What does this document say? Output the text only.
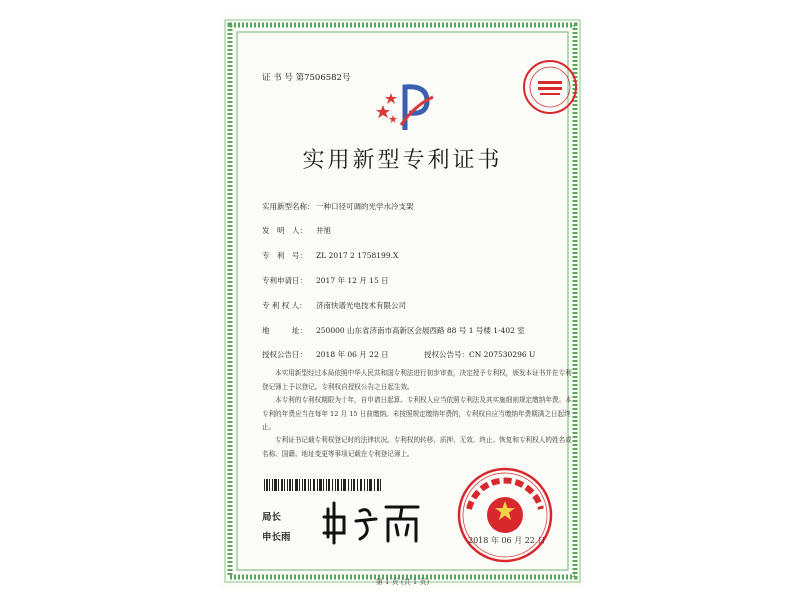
证 书 号 第7506582号
实用新型专利证书
实用新型名称： 一种口径可调的光学水冷支架
发　明　人： 井旭
专　利　号： ZL 2017 2 1758199.X
专利申请日： 2017 年 12 月 15 日
专 利 权 人： 济南快谱光电技术有限公司
地　　　址： 250000 山东省济南市高新区会展西路 88 号 1 号楼 1-402 室
授权公告日： 2018 年 06 月 22 日	授权公告号：CN 207530296 U
本实用新型经过本局依照中华人民共和国专利法进行初步审查，决定授予专利权，颁发本证书并在专利登记簿上予以登记。专利权自授权公告之日起生效。
本专利的专利权期限为十年，自申请日起算。专利权人应当依照专利法及其实施细则规定缴纳年费。本专利的年费应当在每年 12 月 15 日前缴纳。未按照规定缴纳年费的，专利权自应当缴纳年费期满之日起终止。
专利证书记载专利权登记时的法律状况。专利权的转移、质押、无效、终止、恢复和专利权人的姓名或名称、国籍、地址变更等事项记载在专利登记簿上。
局长
申长雨	2018 年 06 月 22 日
第 1 页 (共 1 页)
